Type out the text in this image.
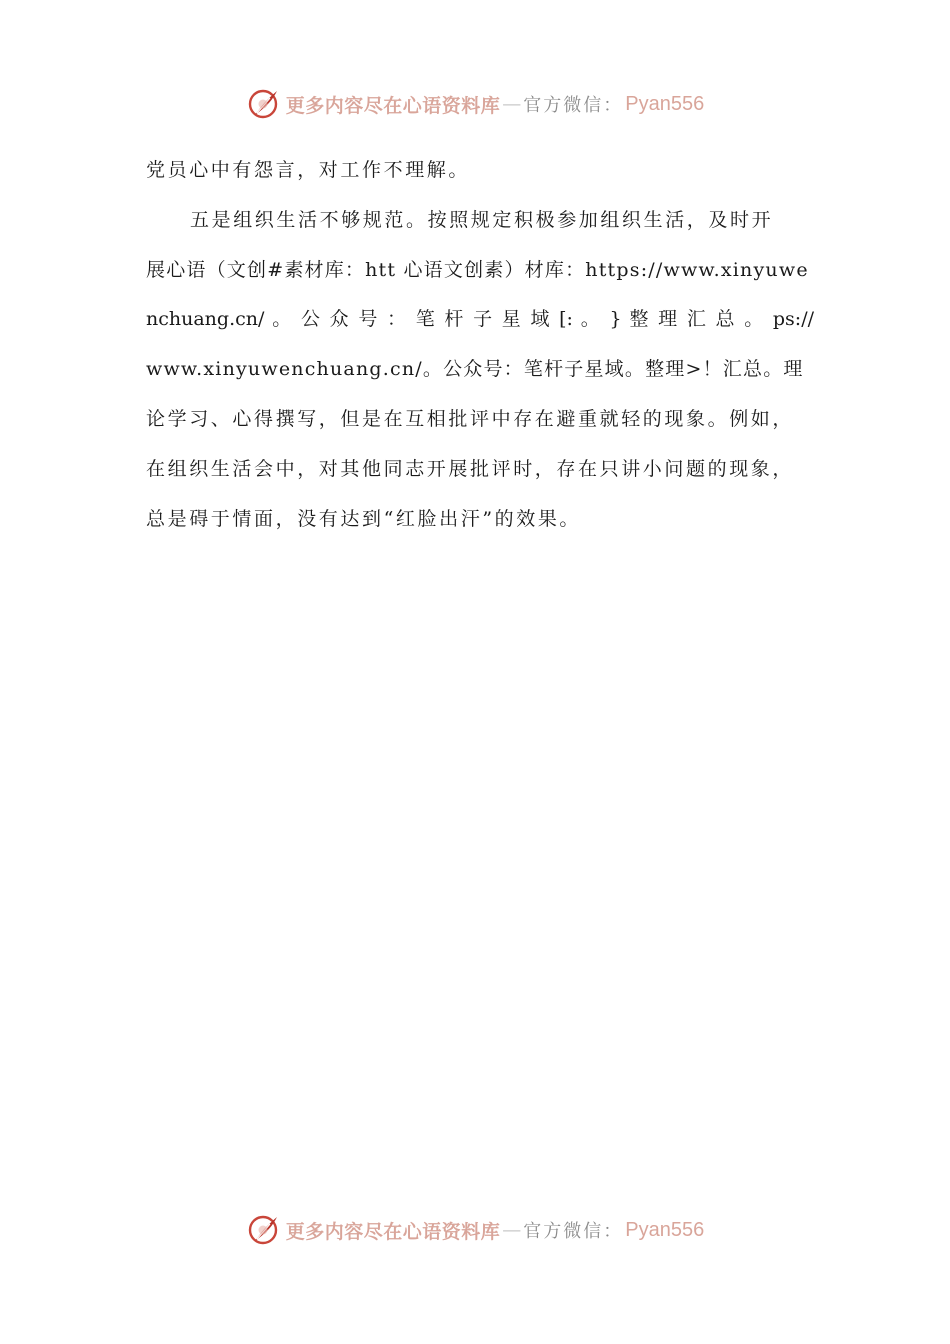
更多内容尽在心语资料库 — 官方微信： Pyan556
党员心中有怨言，对工作不理解。
五是组织生活不够规范。按照规定积极参加组织生活，及时开
展心语（文创#素材库：htt 心语文创素）材库：https://www.xinyuwe
nchuang.cn/ 。 公 众 号 ： 笔 杆 子 星 域 [: 。 } 整 理 汇 总 。 ps://
www.xinyuwenchuang.cn/。公众号：笔杆子星域。整理>！汇总。理
论学习、心得撰写，但是在互相批评中存在避重就轻的现象。例如，
在组织生活会中，对其他同志开展批评时，存在只讲小问题的现象，
总是碍于情面，没有达到“红脸出汗”的效果。
更多内容尽在心语资料库 — 官方微信： Pyan556
